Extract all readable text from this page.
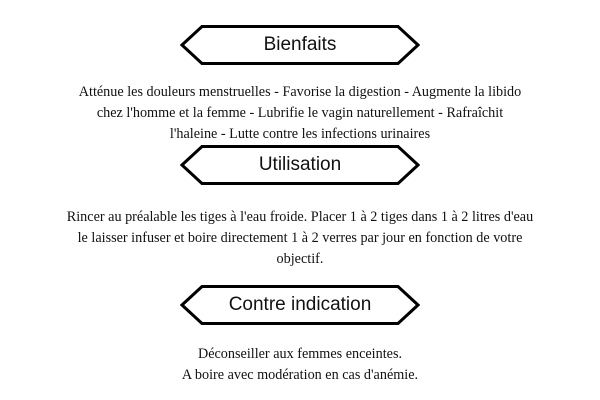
Bienfaits
Atténue les douleurs menstruelles - Favorise la digestion - Augmente la libido
chez l'homme et la femme - Lubrifie le vagin naturellement - Rafraîchit
l'haleine - Lutte contre les infections urinaires
Utilisation
Rincer au préalable les tiges à l'eau froide. Placer 1 à 2 tiges dans 1 à 2 litres d'eau
le laisser infuser et boire directement 1 à 2 verres par jour en fonction de votre
objectif.
Contre indication
Déconseiller aux femmes enceintes.
A boire avec modération en cas d'anémie.
